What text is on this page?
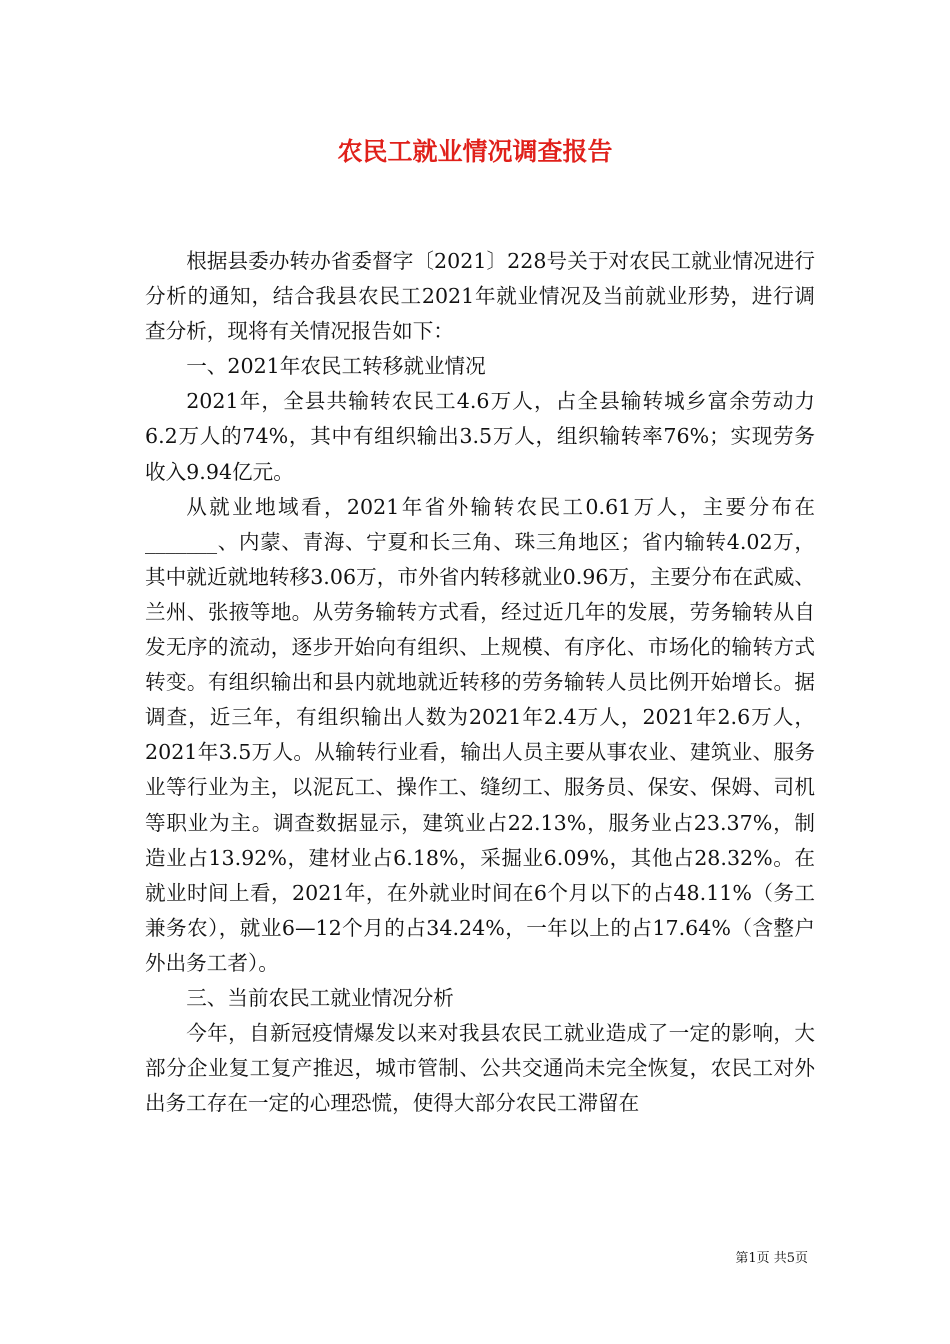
农民工就业情况调查报告

根据县委办转办省委督字〔2021〕228号关于对农民工就业情况进行分析的通知，结合我县农民工2021年就业情况及当前就业形势，进行调查分析，现将有关情况报告如下：

一、2021年农民工转移就业情况

2021年，全县共输转农民工4.6万人，占全县输转城乡富余劳动力6.2万人的74%，其中有组织输出3.5万人，组织输转率76%；实现劳务收入9.94亿元。

从就业地域看，2021年省外输转农民工0.61万人，主要分布在_______、内蒙、青海、宁夏和长三角、珠三角地区；省内输转4.02万，其中就近就地转移3.06万，市外省内转移就业0.96万，主要分布在武威、兰州、张掖等地。从劳务输转方式看，经过近几年的发展，劳务输转从自发无序的流动，逐步开始向有组织、上规模、有序化、市场化的输转方式转变。有组织输出和县内就地就近转移的劳务输转人员比例开始增长。据调查，近三年，有组织输出人数为2021年2.4万人，2021年2.6万人，2021年3.5万人。从输转行业看，输出人员主要从事农业、建筑业、服务业等行业为主，以泥瓦工、操作工、缝纫工、服务员、保安、保姆、司机等职业为主。调查数据显示，建筑业占22.13%，服务业占23.37%，制造业占13.92%，建材业占6.18%，采掘业6.09%，其他占28.32%。在就业时间上看，2021年，在外就业时间在6个月以下的占48.11%（务工兼务农），就业6—12个月的占34.24%，一年以上的占17.64%（含整户外出务工者）。

三、当前农民工就业情况分析

今年，自新冠疫情爆发以来对我县农民工就业造成了一定的影响，大部分企业复工复产推迟，城市管制、公共交通尚未完全恢复，农民工对外出务工存在一定的心理恐慌，使得大部分农民工滞留在

第1页 共5页
